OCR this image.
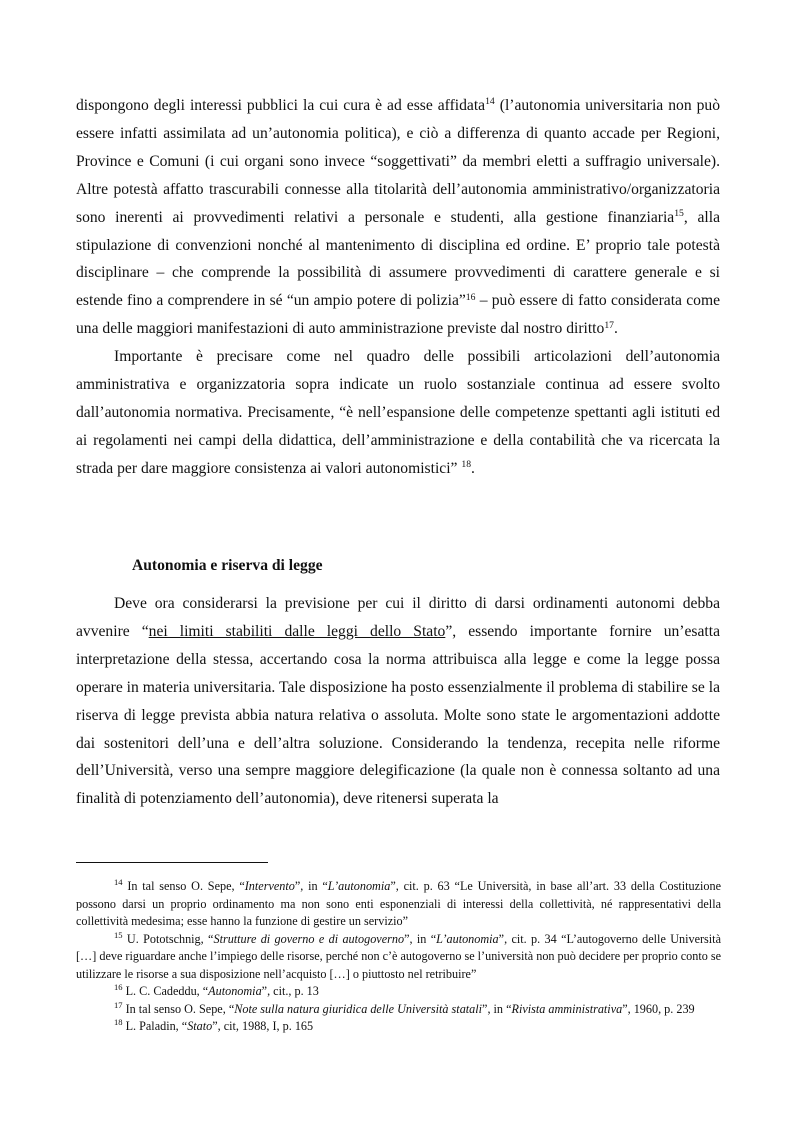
dispongono degli interessi pubblici la cui cura è ad esse affidata$^{14}$ (l’autonomia universitaria non può essere infatti assimilata ad un’autonomia politica), e ciò a differenza di quanto accade per Regioni, Province e Comuni (i cui organi sono invece “soggettivati” da membri eletti a suffragio universale). Altre potestà affatto trascurabili connesse alla titolarità dell’autonomia amministrativo/organizzatoria sono inerenti ai provvedimenti relativi a personale e studenti, alla gestione finanziaria$^{15}$, alla stipulazione di convenzioni nonché al mantenimento di disciplina ed ordine. E’ proprio tale potestà disciplinare – che comprende la possibilità di assumere provvedimenti di carattere generale e si estende fino a comprendere in sé “un ampio potere di polizia”$^{16}$ – può essere di fatto considerata come una delle maggiori manifestazioni di auto amministrazione previste dal nostro diritto$^{17}$.

Importante è precisare come nel quadro delle possibili articolazioni dell’autonomia amministrativa e organizzatoria sopra indicate un ruolo sostanziale continua ad essere svolto dall’autonomia normativa. Precisamente, “è nell’espansione delle competenze spettanti agli istituti ed ai regolamenti nei campi della didattica, dell’amministrazione e della contabilità che va ricercata la strada per dare maggiore consistenza ai valori autonomistici” $^{18}$.

Autonomia e riserva di legge

Deve ora considerarsi la previsione per cui il diritto di darsi ordinamenti autonomi debba avvenire “nei limiti stabiliti dalle leggi dello Stato”, essendo importante fornire un’esatta interpretazione della stessa, accertando cosa la norma attribuisca alla legge e come la legge possa operare in materia universitaria. Tale disposizione ha posto essenzialmente il problema di stabilire se la riserva di legge prevista abbia natura relativa o assoluta. Molte sono state le argomentazioni addotte dai sostenitori dell’una e dell’altra soluzione. Considerando la tendenza, recepita nelle riforme dell’Università, verso una sempre maggiore delegificazione (la quale non è connessa soltanto ad una finalità di potenziamento dell’autonomia), deve ritenersi superata la

$^{14}$ In tal senso O. Sepe, “Intervento”, in “L’autonomia”, cit. p. 63 “Le Università, in base all’art. 33 della Costituzione possono darsi un proprio ordinamento ma non sono enti esponenziali di interessi della collettività, né rappresentativi della collettività medesima; esse hanno la funzione di gestire un servizio”

$^{15}$ U. Pototschnig, “Strutture di governo e di autogoverno”, in “L’autonomia”, cit. p. 34 “L’autogoverno delle Università […] deve riguardare anche l’impiego delle risorse, perché non c’è autogoverno se l’università non può decidere per proprio conto se utilizzare le risorse a sua disposizione nell’acquisto […] o piuttosto nel retribuire”

$^{16}$ L. C. Cadeddu, “Autonomia”, cit., p. 13

$^{17}$ In tal senso O. Sepe, “Note sulla natura giuridica delle Università statali”, in “Rivista amministrativa”, 1960, p. 239

$^{18}$ L. Paladin, “Stato”, cit, 1988, I, p. 165
